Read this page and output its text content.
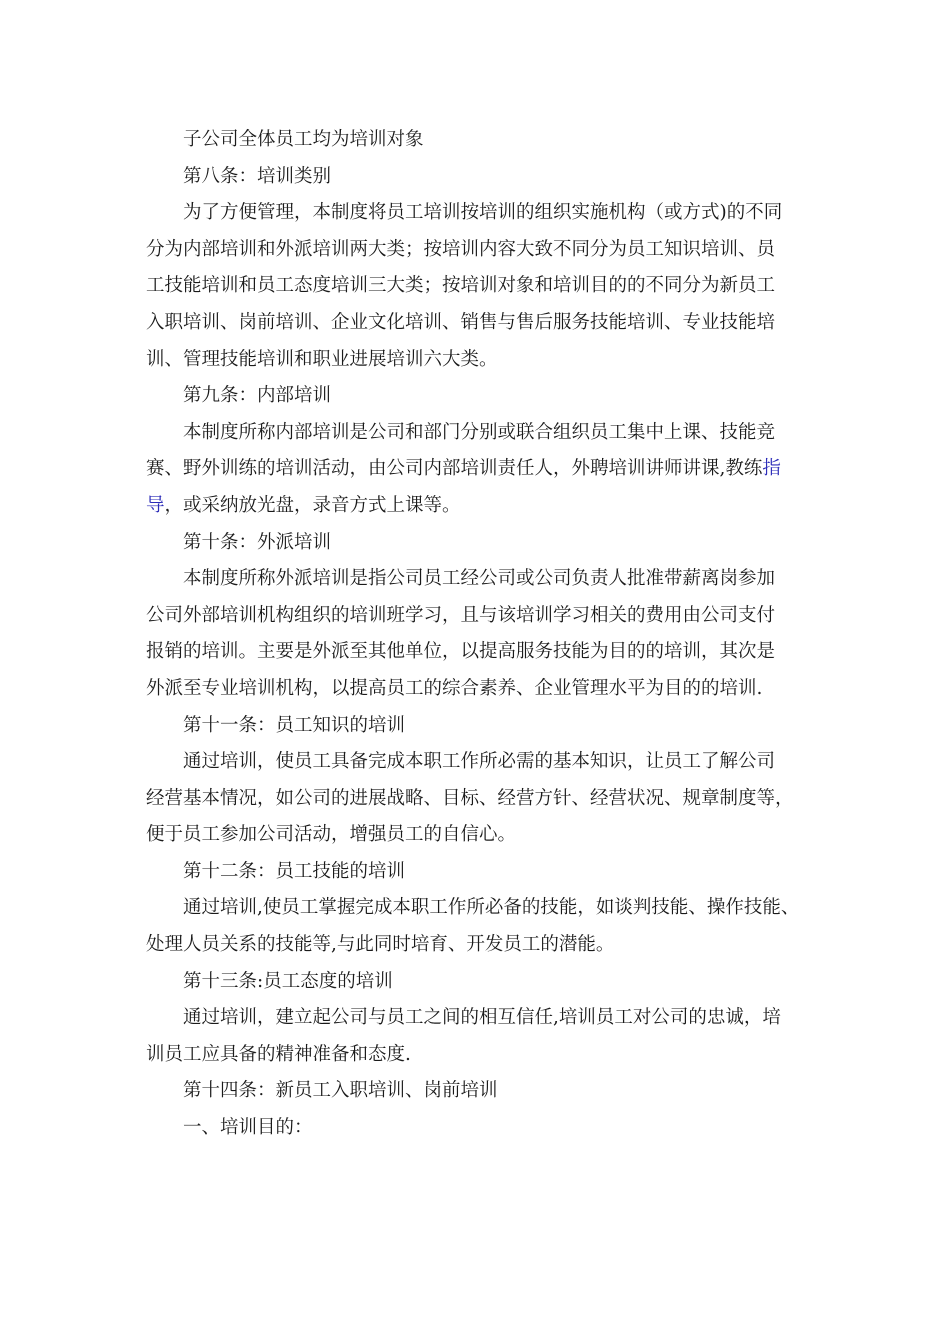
子公司全体员工均为培训对象

第八条：培训类别

为了方便管理，本制度将员工培训按培训的组织实施机构（或方式)的不同
分为内部培训和外派培训两大类；按培训内容大致不同分为员工知识培训、员
工技能培训和员工态度培训三大类；按培训对象和培训目的的不同分为新员工
入职培训、岗前培训、企业文化培训、销售与售后服务技能培训、专业技能培
训、管理技能培训和职业进展培训六大类。

第九条：内部培训

本制度所称内部培训是公司和部门分别或联合组织员工集中上课、技能竞
赛、野外训练的培训活动，由公司内部培训责任人，外聘培训讲师讲课,教练指
导，或采纳放光盘，录音方式上课等。

第十条：外派培训

本制度所称外派培训是指公司员工经公司或公司负责人批准带薪离岗参加
公司外部培训机构组织的培训班学习，且与该培训学习相关的费用由公司支付
报销的培训。主要是外派至其他单位，以提高服务技能为目的的培训，其次是
外派至专业培训机构，以提高员工的综合素养、企业管理水平为目的的培训.

第十一条：员工知识的培训

通过培训，使员工具备完成本职工作所必需的基本知识，让员工了解公司
经营基本情况，如公司的进展战略、目标、经营方针、经营状况、规章制度等，
便于员工参加公司活动，增强员工的自信心。

第十二条：员工技能的培训

通过培训,使员工掌握完成本职工作所必备的技能，如谈判技能、操作技能、
处理人员关系的技能等,与此同时培育、开发员工的潜能。

第十三条:员工态度的培训

通过培训，建立起公司与员工之间的相互信任,培训员工对公司的忠诚，培
训员工应具备的精神准备和态度.

第十四条：新员工入职培训、岗前培训

一、培训目的：
